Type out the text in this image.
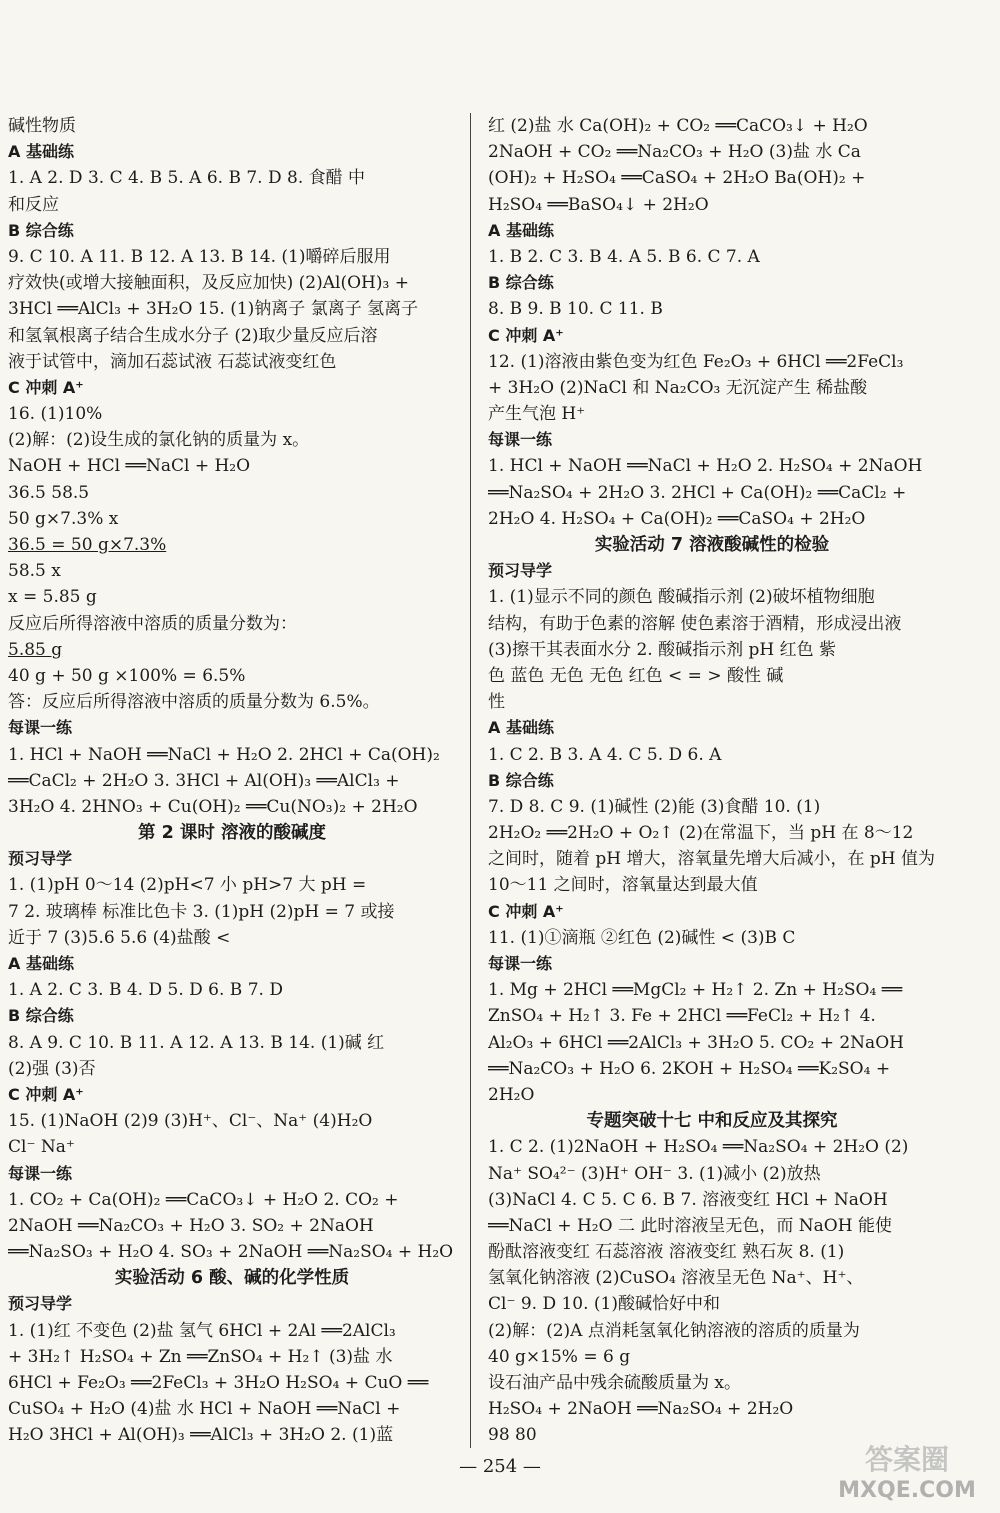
碱性物质
A 基础练
1. A 2. D 3. C 4. B 5. A 6. B 7. D 8. 食醋 中
和反应
B 综合练
9. C 10. A 11. B 12. A 13. B 14. (1)嚼碎后服用
疗效快(或增大接触面积，及反应加快) (2)Al(OH)₃ +
3HCl ══AlCl₃ + 3H₂O 15. (1)钠离子 氯离子 氢离子
和氢氧根离子结合生成水分子 (2)取少量反应后溶
液于试管中，滴加石蕊试液 石蕊试液变红色
C 冲刺 A⁺
16. (1)10%
(2)解：(2)设生成的氯化钠的质量为 x。
NaOH + HCl ══NaCl + H₂O
36.5 58.5
50 g×7.3% x
36.5 = 50 g×7.3%
58.5 x
x = 5.85 g
反应后所得溶液中溶质的质量分数为：
5.85 g
40 g + 50 g ×100% = 6.5%
答：反应后所得溶液中溶质的质量分数为 6.5%。
每课一练
1. HCl + NaOH ══NaCl + H₂O 2. 2HCl + Ca(OH)₂
══CaCl₂ + 2H₂O 3. 3HCl + Al(OH)₃ ══AlCl₃ +
3H₂O 4. 2HNO₃ + Cu(OH)₂ ══Cu(NO₃)₂ + 2H₂O
第 2 课时 溶液的酸碱度
预习导学
1. (1)pH 0～14 (2)pH<7 小 pH>7 大 pH =
7 2. 玻璃棒 标准比色卡 3. (1)pH (2)pH = 7 或接
近于 7 (3)5.6 5.6 (4)盐酸 <
A 基础练
1. A 2. C 3. B 4. D 5. D 6. B 7. D
B 综合练
8. A 9. C 10. B 11. A 12. A 13. B 14. (1)碱 红
(2)强 (3)否
C 冲刺 A⁺
15. (1)NaOH (2)9 (3)H⁺、Cl⁻、Na⁺ (4)H₂O
Cl⁻ Na⁺
每课一练
1. CO₂ + Ca(OH)₂ ══CaCO₃↓ + H₂O 2. CO₂ +
2NaOH ══Na₂CO₃ + H₂O 3. SO₂ + 2NaOH
══Na₂SO₃ + H₂O 4. SO₃ + 2NaOH ══Na₂SO₄ + H₂O
实验活动 6 酸、碱的化学性质
预习导学
1. (1)红 不变色 (2)盐 氢气 6HCl + 2Al ══2AlCl₃
+ 3H₂↑ H₂SO₄ + Zn ══ZnSO₄ + H₂↑ (3)盐 水
6HCl + Fe₂O₃ ══2FeCl₃ + 3H₂O H₂SO₄ + CuO ══
CuSO₄ + H₂O (4)盐 水 HCl + NaOH ══NaCl +
H₂O 3HCl + Al(OH)₃ ══AlCl₃ + 3H₂O 2. (1)蓝
红 (2)盐 水 Ca(OH)₂ + CO₂ ══CaCO₃↓ + H₂O
2NaOH + CO₂ ══Na₂CO₃ + H₂O (3)盐 水 Ca
(OH)₂ + H₂SO₄ ══CaSO₄ + 2H₂O Ba(OH)₂ +
H₂SO₄ ══BaSO₄↓ + 2H₂O
A 基础练
1. B 2. C 3. B 4. A 5. B 6. C 7. A
B 综合练
8. B 9. B 10. C 11. B
C 冲刺 A⁺
12. (1)溶液由紫色变为红色 Fe₂O₃ + 6HCl ══2FeCl₃
+ 3H₂O (2)NaCl 和 Na₂CO₃ 无沉淀产生 稀盐酸
产生气泡 H⁺
每课一练
1. HCl + NaOH ══NaCl + H₂O 2. H₂SO₄ + 2NaOH
══Na₂SO₄ + 2H₂O 3. 2HCl + Ca(OH)₂ ══CaCl₂ +
2H₂O 4. H₂SO₄ + Ca(OH)₂ ══CaSO₄ + 2H₂O
实验活动 7 溶液酸碱性的检验
预习导学
1. (1)显示不同的颜色 酸碱指示剂 (2)破坏植物细胞
结构，有助于色素的溶解 使色素溶于酒精，形成浸出液
(3)擦干其表面水分 2. 酸碱指示剂 pH 红色 紫
色 蓝色 无色 无色 红色 < = > 酸性 碱
性
A 基础练
1. C 2. B 3. A 4. C 5. D 6. A
B 综合练
7. D 8. C 9. (1)碱性 (2)能 (3)食醋 10. (1)
2H₂O₂ ══2H₂O + O₂↑ (2)在常温下，当 pH 在 8～12
之间时，随着 pH 增大，溶氧量先增大后减小，在 pH 值为
10～11 之间时，溶氧量达到最大值
C 冲刺 A⁺
11. (1)①滴瓶 ②红色 (2)碱性 < (3)B C
每课一练
1. Mg + 2HCl ══MgCl₂ + H₂↑ 2. Zn + H₂SO₄ ══
ZnSO₄ + H₂↑ 3. Fe + 2HCl ══FeCl₂ + H₂↑ 4.
Al₂O₃ + 6HCl ══2AlCl₃ + 3H₂O 5. CO₂ + 2NaOH
══Na₂CO₃ + H₂O 6. 2KOH + H₂SO₄ ══K₂SO₄ +
2H₂O
专题突破十七 中和反应及其探究
1. C 2. (1)2NaOH + H₂SO₄ ══Na₂SO₄ + 2H₂O (2)
Na⁺ SO₄²⁻ (3)H⁺ OH⁻ 3. (1)减小 (2)放热
(3)NaCl 4. C 5. C 6. B 7. 溶液变红 HCl + NaOH
══NaCl + H₂O 二 此时溶液呈无色，而 NaOH 能使
酚酞溶液变红 石蕊溶液 溶液变红 熟石灰 8. (1)
氢氧化钠溶液 (2)CuSO₄ 溶液呈无色 Na⁺、H⁺、
Cl⁻ 9. D 10. (1)酸碱恰好中和
(2)解：(2)A 点消耗氢氧化钠溶液的溶质的质量为
40 g×15% = 6 g
设石油产品中残余硫酸质量为 x。
H₂SO₄ + 2NaOH ══Na₂SO₄ + 2H₂O
98 80
— 254 —	答案圈
MXQE.COM
